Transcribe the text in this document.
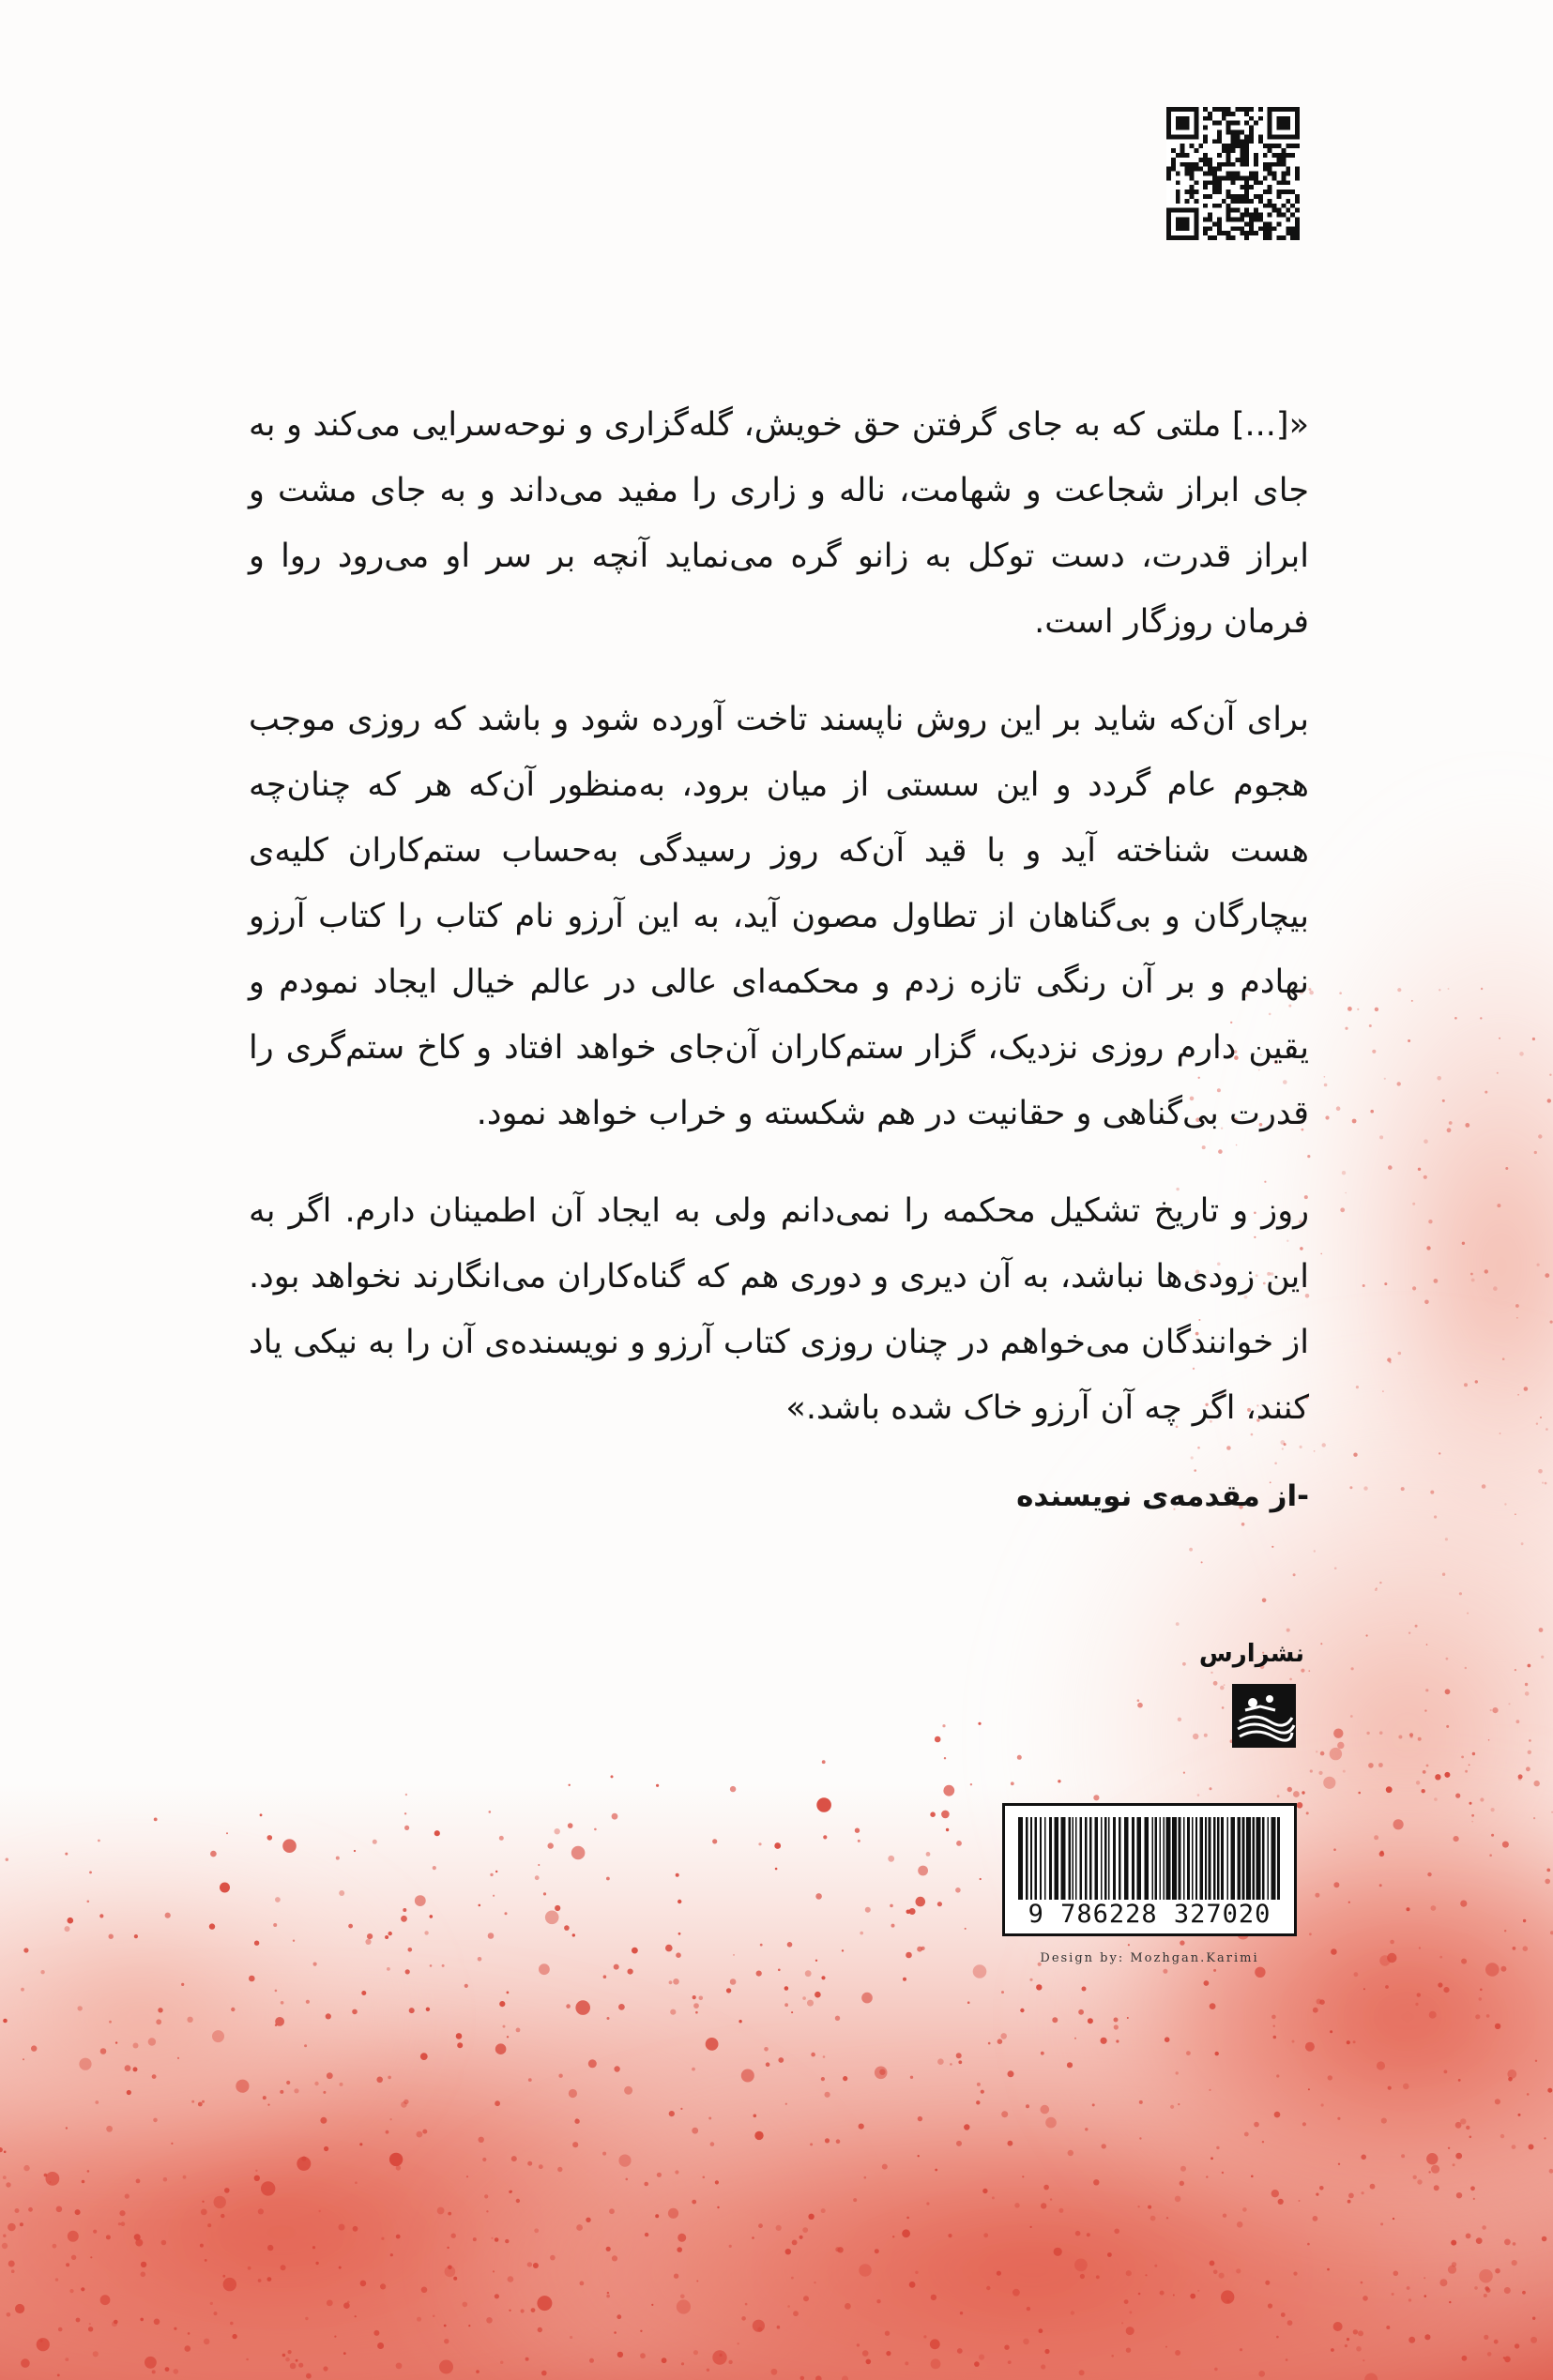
«[...] ملتی که به جای گرفتن حق خویش، گله‌گزاری و نوحه‌سرایی می‌کند و به جای ابراز شجاعت و شهامت، ناله و زاری را مفید می‌داند و به جای مشت و ابراز قدرت، دست توکل به زانو گره می‌نماید آنچه بر سر او می‌رود روا و فرمان روزگار است.

برای آن‌که شاید بر این روش ناپسند تاخت آورده شود و باشد که روزی موجب هجوم عام گردد و این سستی از میان برود، به‌منظور آن‌که هر که چنان‌چه هست شناخته آید و با قید آن‌که روز رسیدگی به‌حساب ستم‌کاران کلیه‌ی بیچارگان و بی‌گناهان از تطاول مصون آید، به این آرزو نام کتاب را کتاب آرزو نهادم و بر آن رنگی تازه زدم و محکمه‌ای عالی در عالم خیال ایجاد نمودم و یقین دارم روزی نزدیک، گزار ستم‌کاران آن‌جای خواهد افتاد و کاخ ستم‌گری را قدرت بی‌گناهی و حقانیت در هم شکسته و خراب خواهد نمود.

روز و تاریخ تشکیل محکمه را نمی‌دانم ولی به ایجاد آن اطمینان دارم. اگر به این زودی‌ها نباشد، به آن دیری و دوری هم که گناه‌کاران می‌انگارند نخواهد بود. از خوانندگان می‌خواهم در چنان روزی کتاب آرزو و نویسنده‌ی آن را به نیکی یاد کنند، اگر چه آن آرزو خاک شده باشد.»

-از مقدمه‌ی نویسنده
نشرارس
9 786228 327020
Design by: Mozhgan.Karimi
